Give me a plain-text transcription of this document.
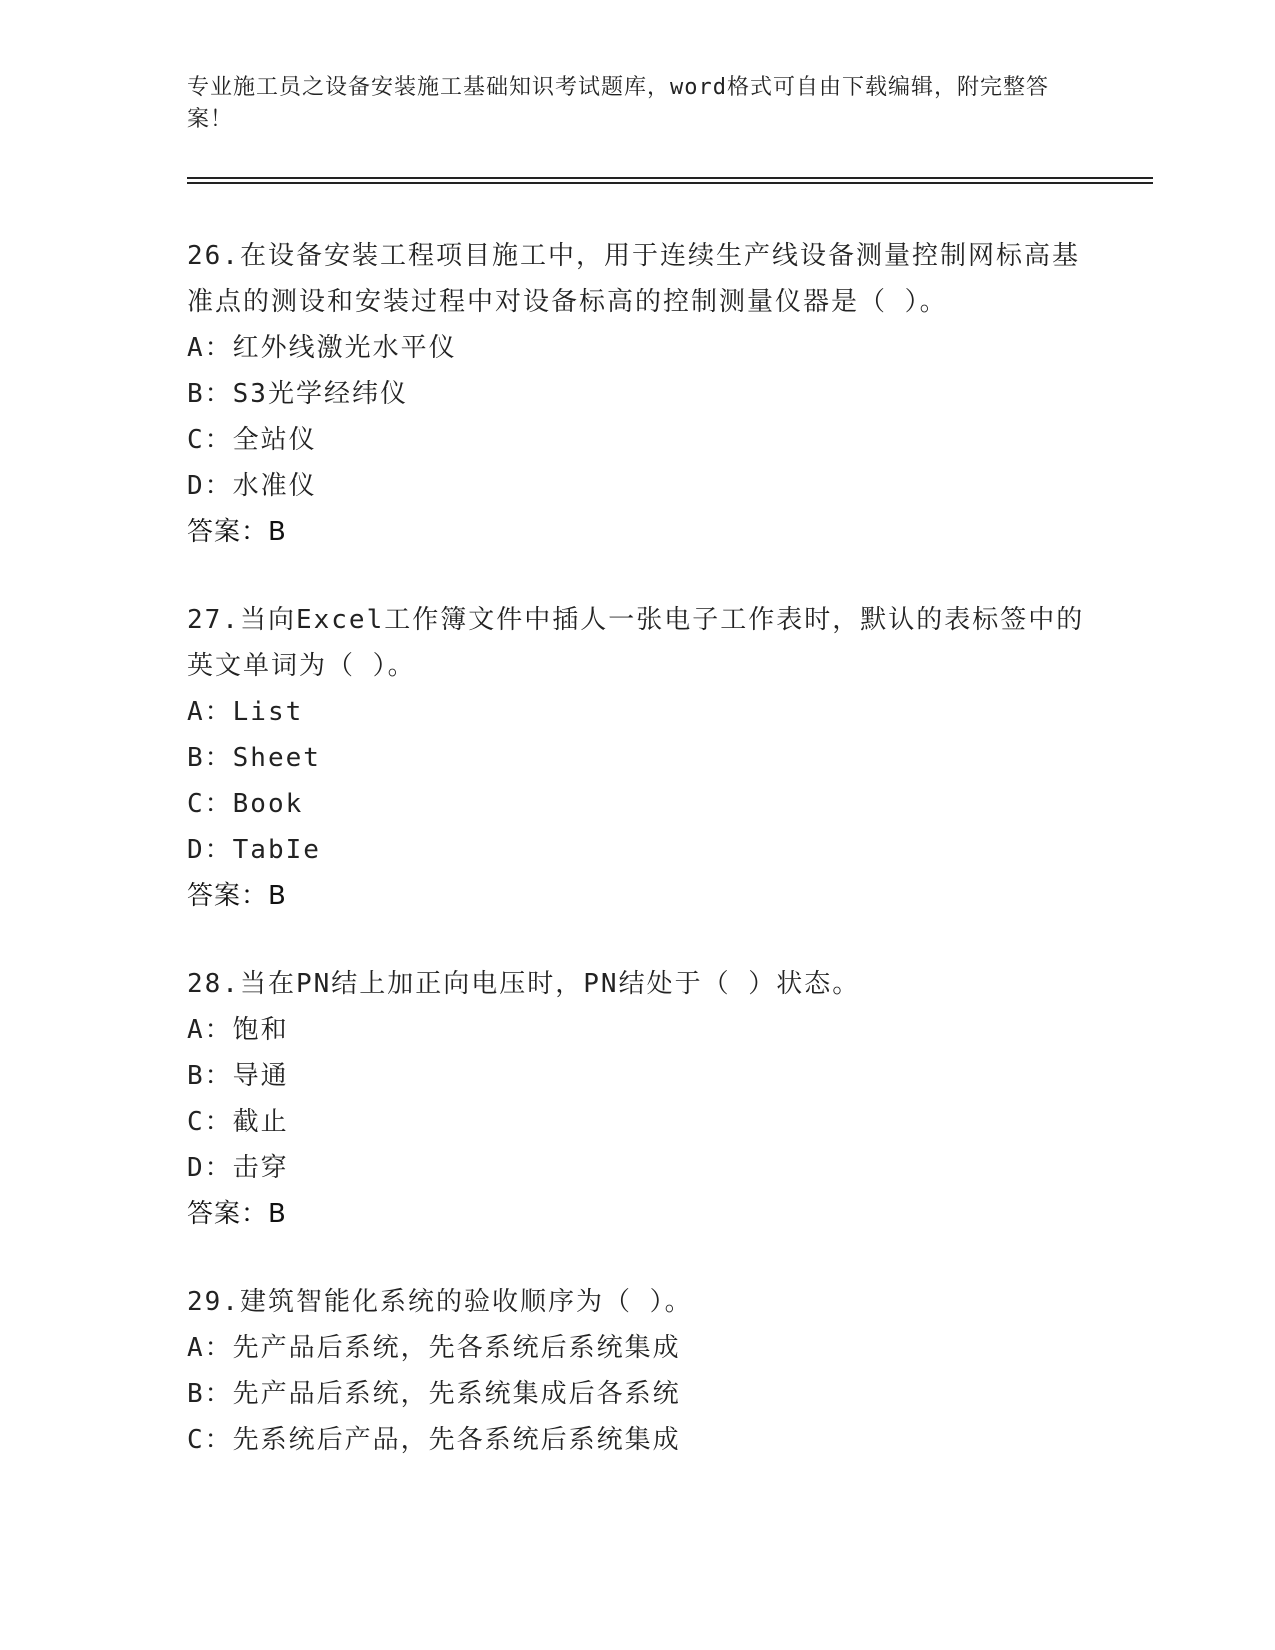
专业施工员之设备安装施工基础知识考试题库，word格式可自由下载编辑，附完整答案！

26.在设备安装工程项目施工中，用于连续生产线设备测量控制网标高基准点的测设和安装过程中对设备标高的控制测量仪器是（ ）。

A：红外线激光水平仪

B：S3光学经纬仪

C：全站仪

D：水准仪

答案：B

27.当向Excel工作簿文件中插人一张电子工作表时，默认的表标签中的英文单词为（ ）。

A：List

B：Sheet

C：Book

D：TabIe

答案：B

28.当在PN结上加正向电压时，PN结处于（ ）状态。

A：饱和

B：导通

C：截止

D：击穿

答案：B

29.建筑智能化系统的验收顺序为（ ）。

A：先产品后系统，先各系统后系统集成

B：先产品后系统，先系统集成后各系统

C：先系统后产品，先各系统后系统集成
